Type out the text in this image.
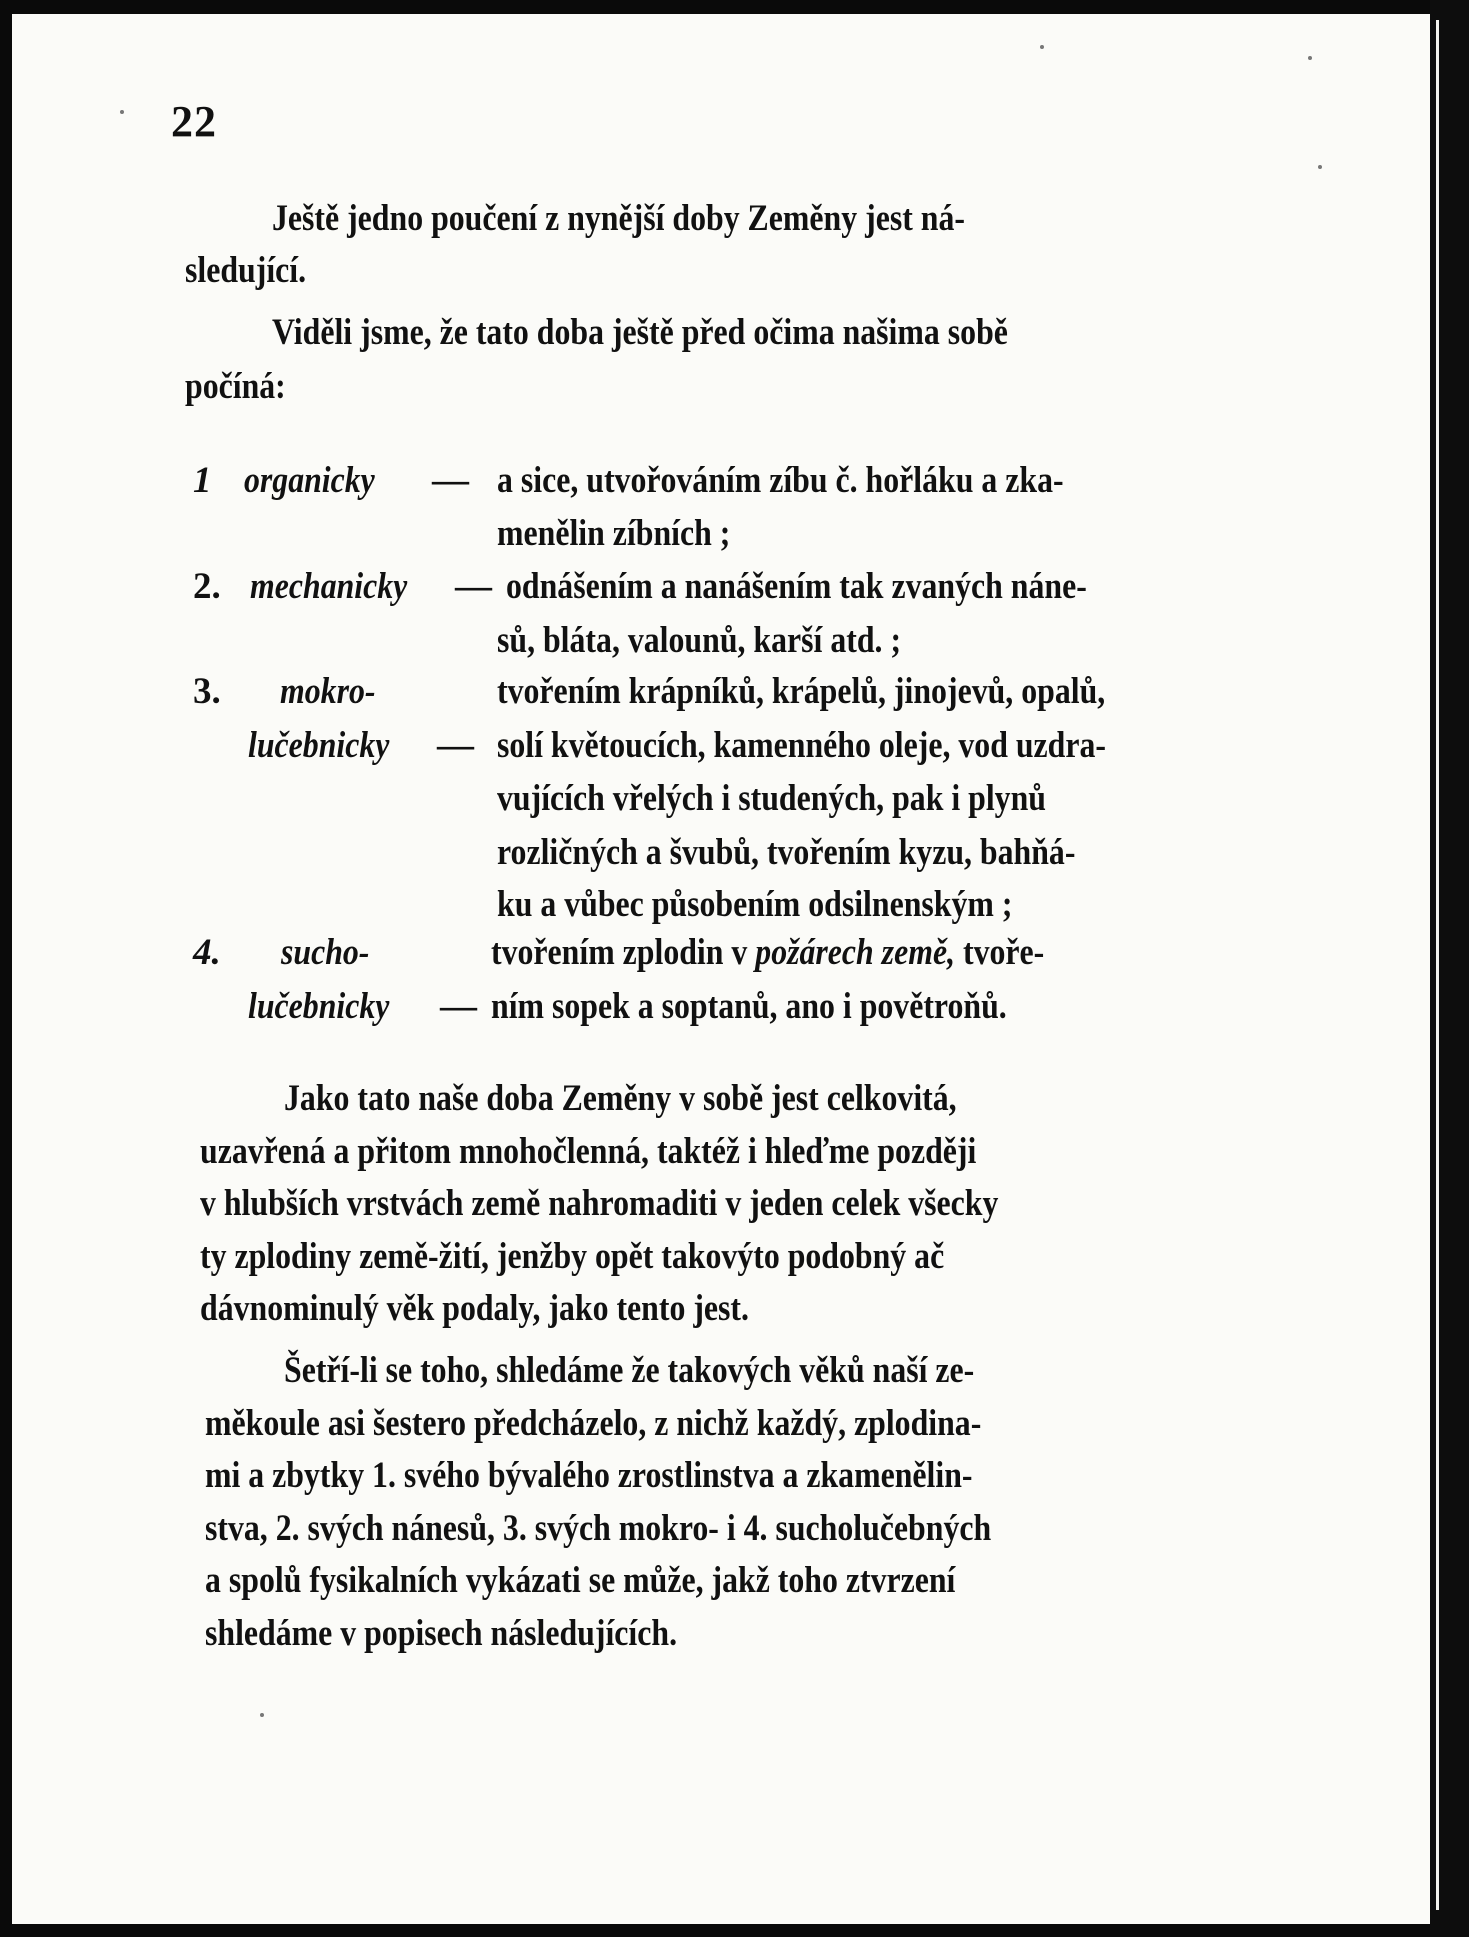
22
Ještě jedno poučení z nynější doby Zeměny jest ná-
sledující.
Viděli jsme, že tato doba ještě před očima našima sobě
počíná:
1 organicky — a sice, utvořováním zíbu č. hořláku a zka-
menělin zíbních ;
2. mechanicky — odnášením a nanášením tak zvaných náne-
sů, bláta, valounů, karší atd. ;
3. mokro-
lučebnicky —
tvořením krápníků, krápelů, jinojevů, opalů,
solí květoucích, kamenného oleje, vod uzdra-
vujících vřelých i studených, pak i plynů
rozličných a švubů, tvořením kyzu, bahňá-
ku a vůbec působením odsilnenským ;
4. sucho-
lučebnicky —
tvořením zplodin v požárech země, tvoře-
ním sopek a soptanů, ano i povětroňů.
Jako tato naše doba Zeměny v sobě jest celkovitá,
uzavřená a přitom mnohočlenná, taktéž i hleďme později
v hlubších vrstvách země nahromaditi v jeden celek všecky
ty zplodiny země-žití, jenžby opět takovýto podobný ač
dávnominulý věk podaly, jako tento jest.
Šetří-li se toho, shledáme že takových věků naší ze-
měkoule asi šestero předcházelo, z nichž každý, zplodina-
mi a zbytky 1. svého bývalého zrostlinstva a zkamenělin-
stva, 2. svých nánesů, 3. svých mokro- i 4. sucholučebných
a spolů fysikalních vykázati se může, jakž toho ztvrzení
shledáme v popisech následujících.
